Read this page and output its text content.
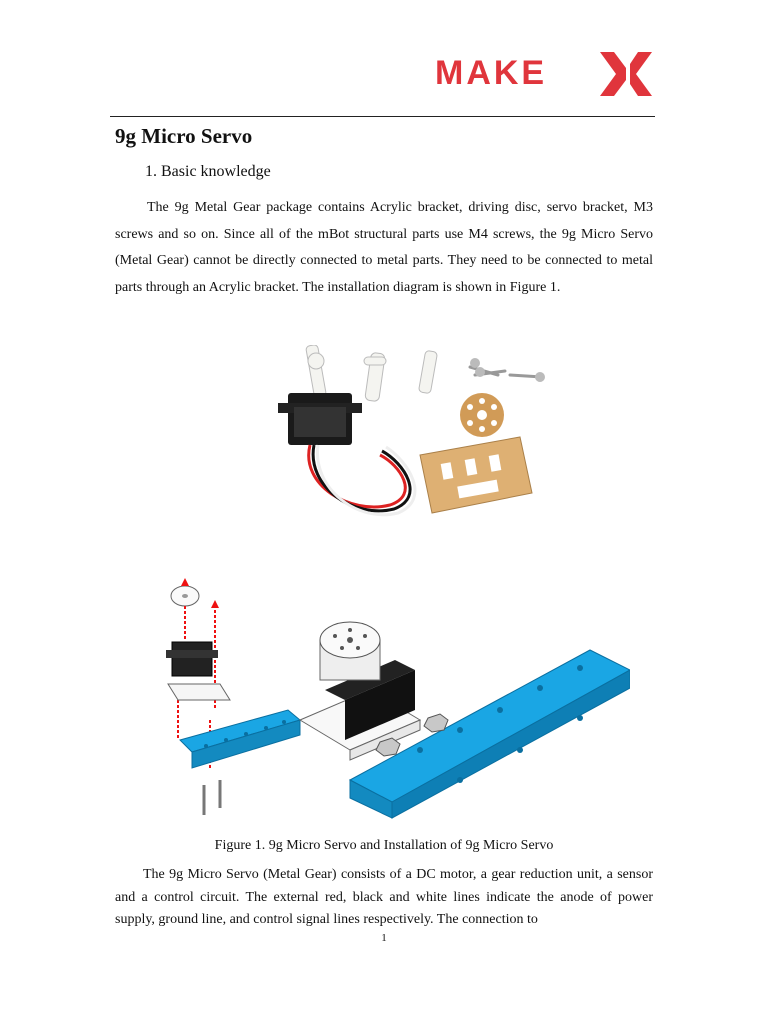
MAKE
9g Micro Servo
1. Basic knowledge

The 9g Metal Gear package contains Acrylic bracket, driving disc, servo bracket, M3 screws and so on. Since all of the mBot structural parts use M4 screws, the 9g Micro Servo (Metal Gear) cannot be directly connected to metal parts. They need to be connected to metal parts through an Acrylic bracket. The installation diagram is shown in Figure 1.

Figure 1. 9g Micro Servo and Installation of 9g Micro Servo

The 9g Micro Servo (Metal Gear) consists of a DC motor, a gear reduction unit, a sensor and a control circuit. The external red, black and white lines indicate the anode of power supply, ground line, and control signal lines respectively. The connection to

1
